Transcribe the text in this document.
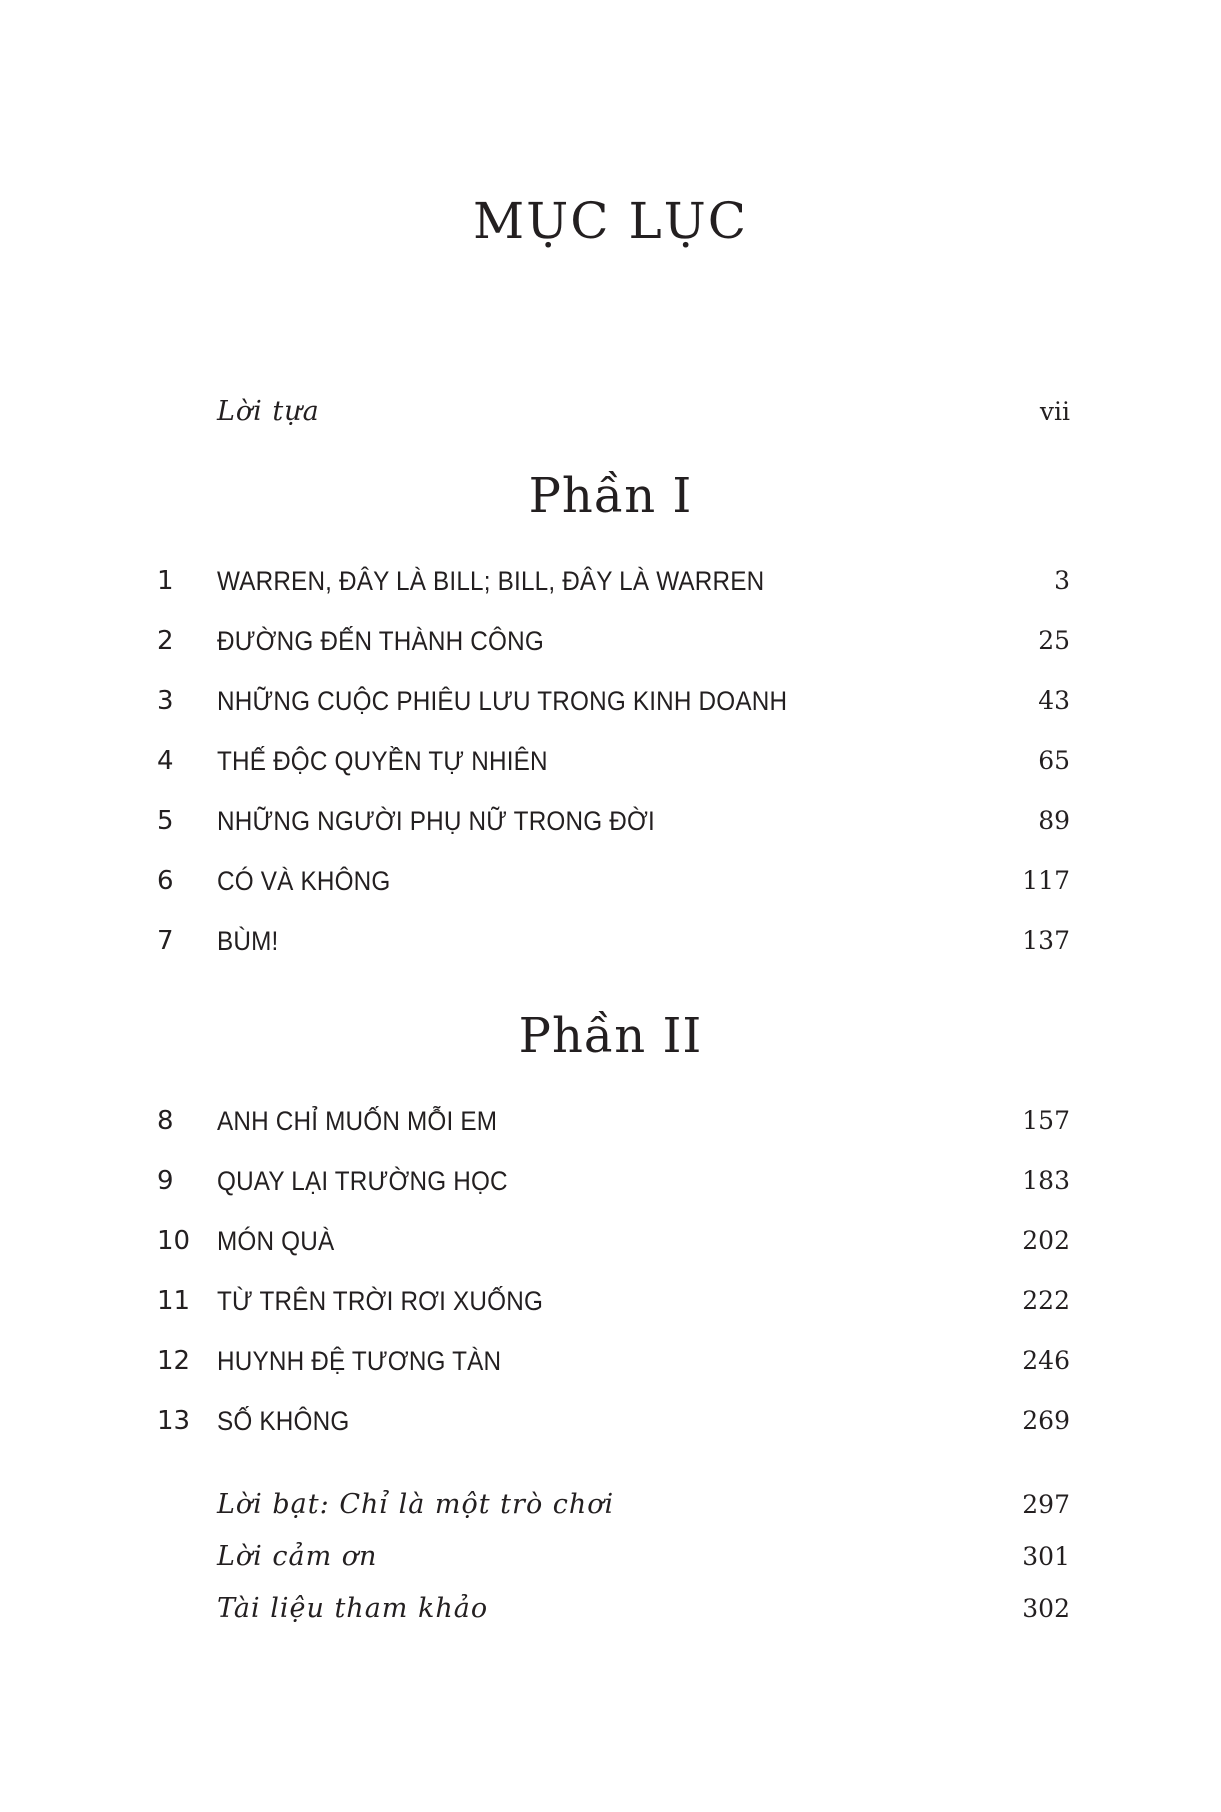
MỤC LỤC
Lời tựa	vii
Phần I
1 WARREN, ĐÂY LÀ BILL; BILL, ĐÂY LÀ WARREN	3
2 ĐƯỜNG ĐẾN THÀNH CÔNG	25
3 NHỮNG CUỘC PHIÊU LƯU TRONG KINH DOANH	43
4 THẾ ĐỘC QUYỀN TỰ NHIÊN	65
5 NHỮNG NGƯỜI PHỤ NỮ TRONG ĐỜI	89
6 CÓ VÀ KHÔNG	117
7 BÙM!	137
Phần II
8 ANH CHỈ MUỐN MỖI EM	157
9 QUAY LẠI TRƯỜNG HỌC	183
10 MÓN QUÀ	202
11 TỪ TRÊN TRỜI RƠI XUỐNG	222
12 HUYNH ĐỆ TƯƠNG TÀN	246
13 SỐ KHÔNG	269
Lời bạt: Chỉ là một trò chơi	297
Lời cảm ơn	301
Tài liệu tham khảo	302
